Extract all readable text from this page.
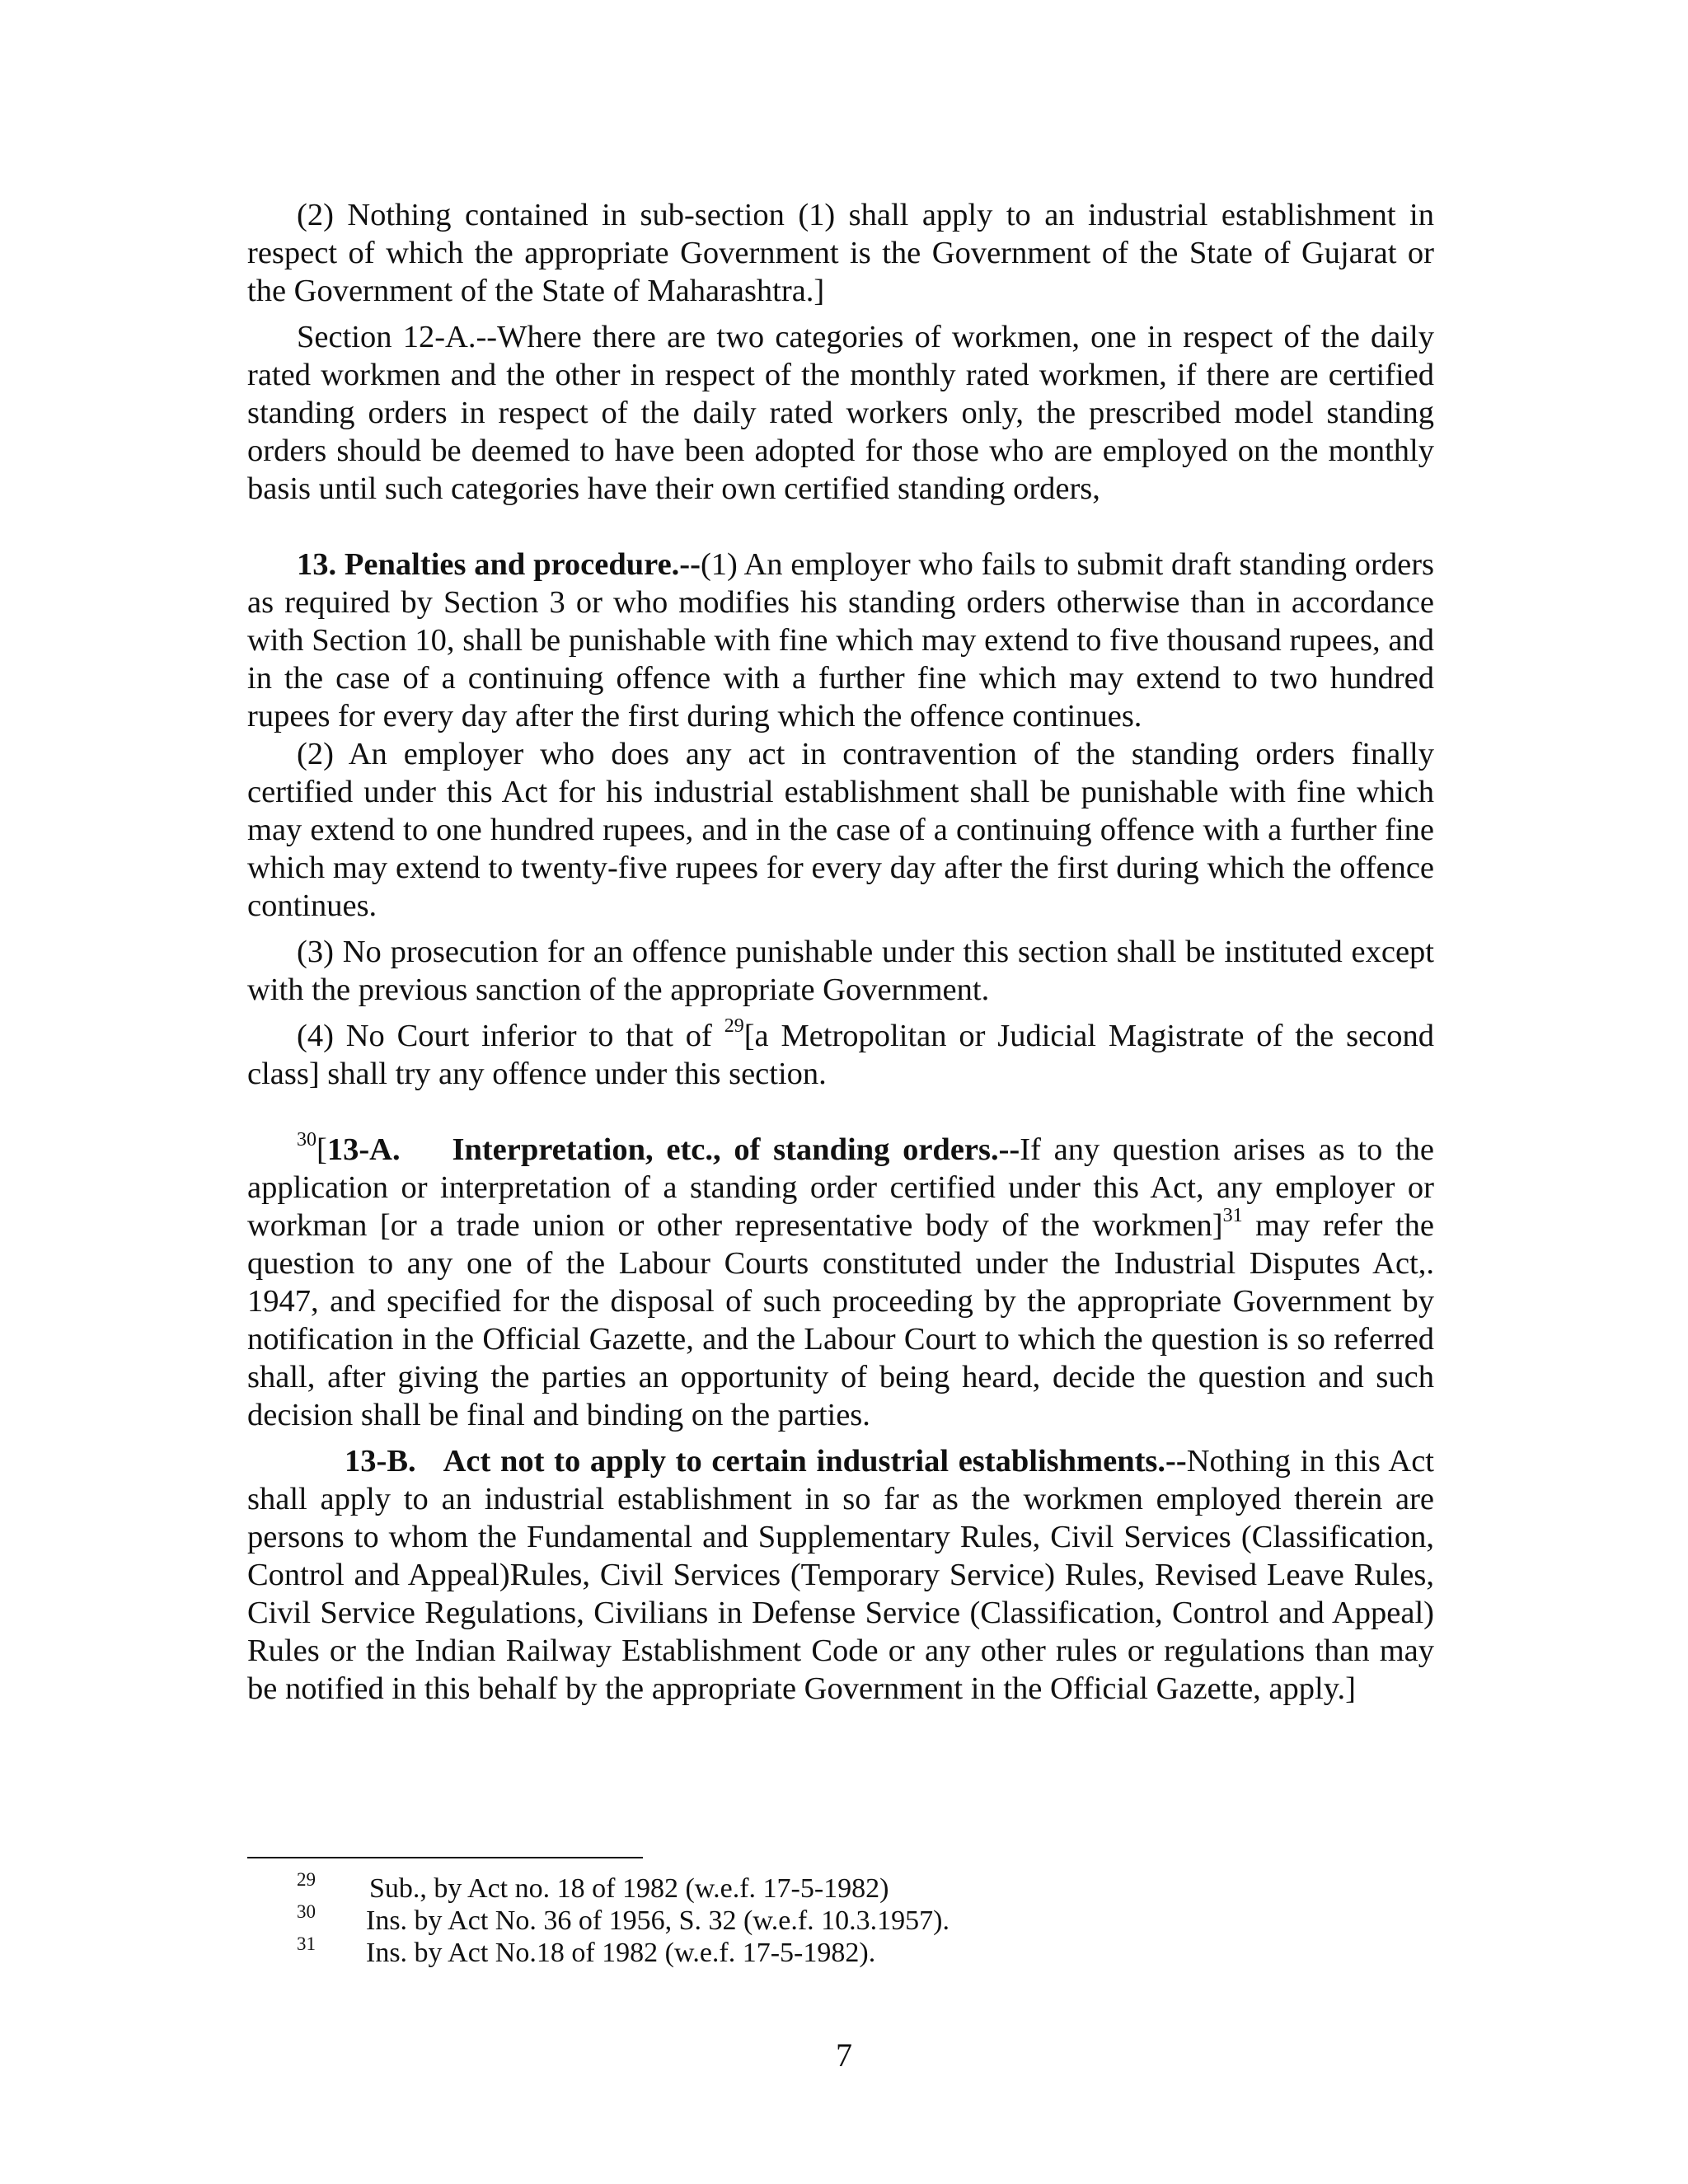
(2) Nothing contained in sub-section (1) shall apply to an industrial establishment in respect of which the appropriate Government is the Government of the State of Gujarat or the Government of the State of Maharashtra.]

Section 12-A.--Where there are two categories of workmen, one in respect of the daily rated workmen and the other in respect of the monthly rated workmen, if there are certified standing orders in respect of the daily rated workers only, the prescribed model standing orders should be deemed to have been adopted for those who are employed on the monthly basis until such categories have their own certified standing orders,

13. Penalties and procedure.--(1) An employer who fails to submit draft standing orders as required by Section 3 or who modifies his standing orders otherwise than in accordance with Section 10, shall be punishable with fine which may extend to five thousand rupees, and in the case of a continuing offence with a further fine which may extend to two hundred rupees for every day after the first during which the offence continues.

(2) An employer who does any act in contravention of the standing orders finally certified under this Act for his industrial establishment shall be punishable with fine which may extend to one hundred rupees, and in the case of a continuing offence with a further fine which may extend to twenty-five rupees for every day after the first during which the offence continues.

(3) No prosecution for an offence punishable under this section shall be instituted except with the previous sanction of the appropriate Government.

(4) No Court inferior to that of $^{29}$[a Metropolitan or Judicial Magistrate of the second class] shall try any offence under this section.

$^{30}$[13-A.    Interpretation, etc., of standing orders.--If any question arises as to the application or interpretation of a standing order certified under this Act, any employer or workman [or a trade union or other representative body of the workmen]$^{31}$ may refer the question to any one of the Labour Courts constituted under the Industrial Disputes Act,. 1947, and specified for the disposal of such proceeding by the appropriate Government by notification in the Official Gazette, and the Labour Court to which the question is so referred shall, after giving the parties an opportunity of being heard, decide the question and such decision shall be final and binding on the parties.

13-B.   Act not to apply to certain industrial establishments.--Nothing in this Act shall apply to an industrial establishment in so far as the workmen employed therein are persons to whom the Fundamental and Supplementary Rules, Civil Services (Classification, Control and Appeal)Rules, Civil Services (Temporary Service) Rules, Revised Leave Rules, Civil Service Regulations, Civilians in Defense Service (Classification, Control and Appeal) Rules or the Indian Railway Establishment Code or any other rules or regulations than may be notified in this behalf by the appropriate Government in the Official Gazette, apply.]

29 Sub., by Act no. 18 of 1982 (w.e.f. 17-5-1982)

30 Ins. by Act No. 36 of 1956, S. 32 (w.e.f. 10.3.1957).

31 Ins. by Act No.18 of 1982 (w.e.f. 17-5-1982).

7
